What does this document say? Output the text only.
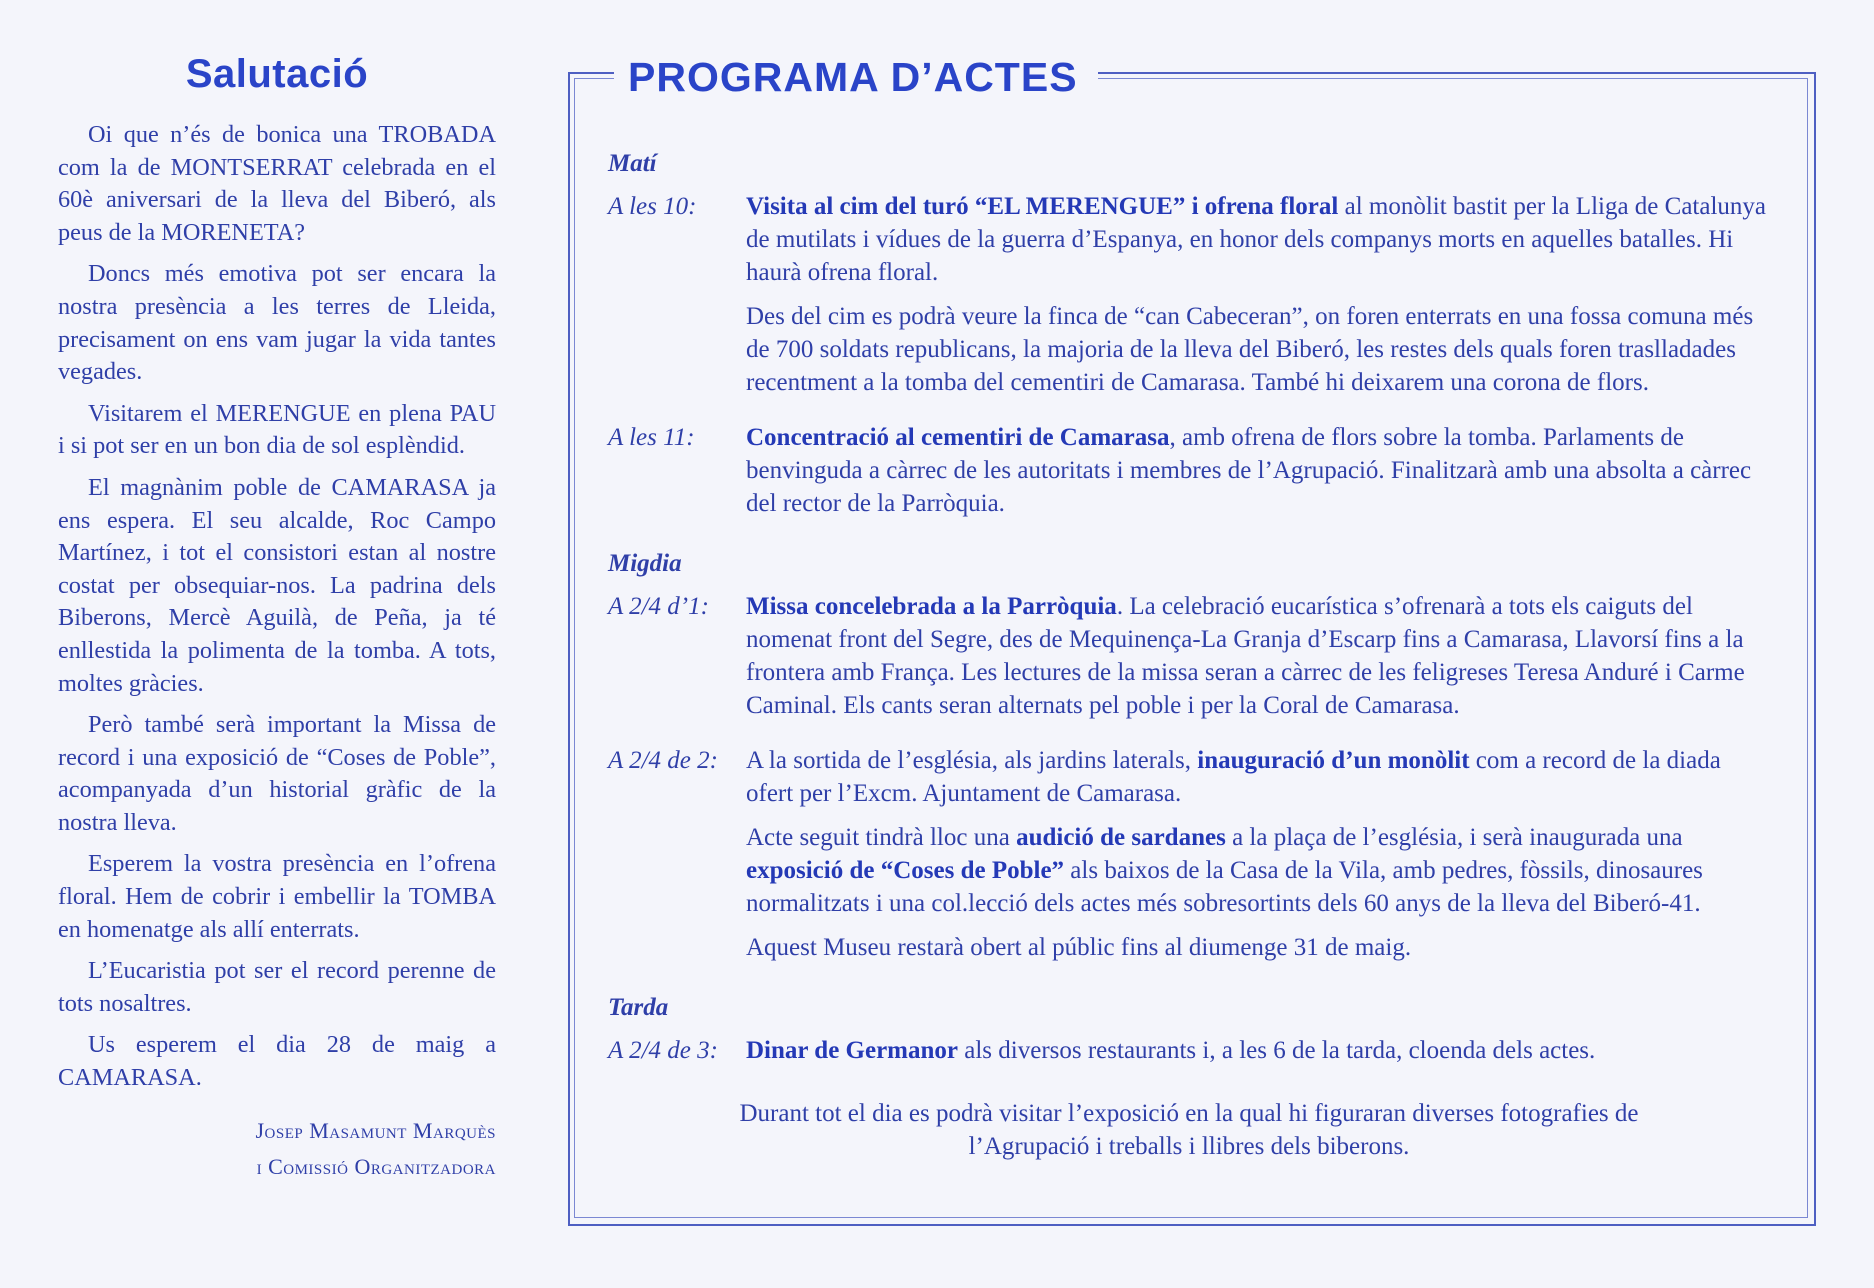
Salutació

Oi que n’és de bonica una TROBADA com la de MONTSERRAT celebrada en el 60è aniversari de la lleva del Biberó, als peus de la MORENETA?

Doncs més emotiva pot ser encara la nostra presència a les terres de Lleida, precisament on ens vam jugar la vida tantes vegades.

Visitarem el MERENGUE en plena PAU i si pot ser en un bon dia de sol esplèndid.

El magnànim poble de CAMARASA ja ens espera. El seu alcalde, Roc Campo Martínez, i tot el consistori estan al nostre costat per obsequiar-nos. La padrina dels Biberons, Mercè Aguilà, de Peña, ja té enllestida la polimenta de la tomba. A tots, moltes gràcies.

Però també serà important la Missa de record i una exposició de “Coses de Poble”, acompanyada d’un historial gràfic de la nostra lleva.

Esperem la vostra presència en l’ofrena floral. Hem de cobrir i embellir la TOMBA en homenatge als allí enterrats.

L’Eucaristia pot ser el record perenne de tots nosaltres.

Us esperem el dia 28 de maig a CAMARASA.

Josep Masamunt Marquès
i Comissió Organitzadora
PROGRAMA D’ACTES
Matí
A les 10:	Visita al cim del turó “EL MERENGUE” i ofrena floral al monòlit bastit per la Lliga de Catalunya de mutilats i vídues de la guerra d’Espanya, en honor dels companys morts en aquelles batalles. Hi haurà ofrena floral.

Des del cim es podrà veure la finca de “can Cabeceran”, on foren enterrats en una fossa comuna més de 700 soldats republicans, la majoria de la lleva del Biberó, les restes dels quals foren traslladades recentment a la tomba del cementiri de Camarasa. També hi deixarem una corona de flors.

A les 11:	Concentració al cementiri de Camarasa, amb ofrena de flors sobre la tomba. Parlaments de benvinguda a càrrec de les autoritats i membres de l’Agrupació. Finalitzarà amb una absolta a càrrec del rector de la Parròquia.

Migdia
A 2/4 d’1:	Missa concelebrada a la Parròquia. La celebració eucarística s’ofrenarà a tots els caiguts del nomenat front del Segre, des de Mequinença-La Granja d’Escarp fins a Camarasa, Llavorsí fins a la frontera amb França. Les lectures de la missa seran a càrrec de les feligreses Teresa Anduré i Carme Caminal. Els cants seran alternats pel poble i per la Coral de Camarasa.

A 2/4 de 2:	A la sortida de l’església, als jardins laterals, inauguració d’un monòlit com a record de la diada ofert per l’Excm. Ajuntament de Camarasa.

Acte seguit tindrà lloc una audició de sardanes a la plaça de l’església, i serà inaugurada una exposició de “Coses de Poble” als baixos de la Casa de la Vila, amb pedres, fòssils, dinosaures normalitzats i una col.lecció dels actes més sobresortints dels 60 anys de la lleva del Biberó-41.

Aquest Museu restarà obert al públic fins al diumenge 31 de maig.

Tarda
A 2/4 de 3:	Dinar de Germanor als diversos restaurants i, a les 6 de la tarda, cloenda dels actes.

Durant tot el dia es podrà visitar l’exposició en la qual hi figuraran diverses fotografies de l’Agrupació i treballs i llibres dels biberons.
